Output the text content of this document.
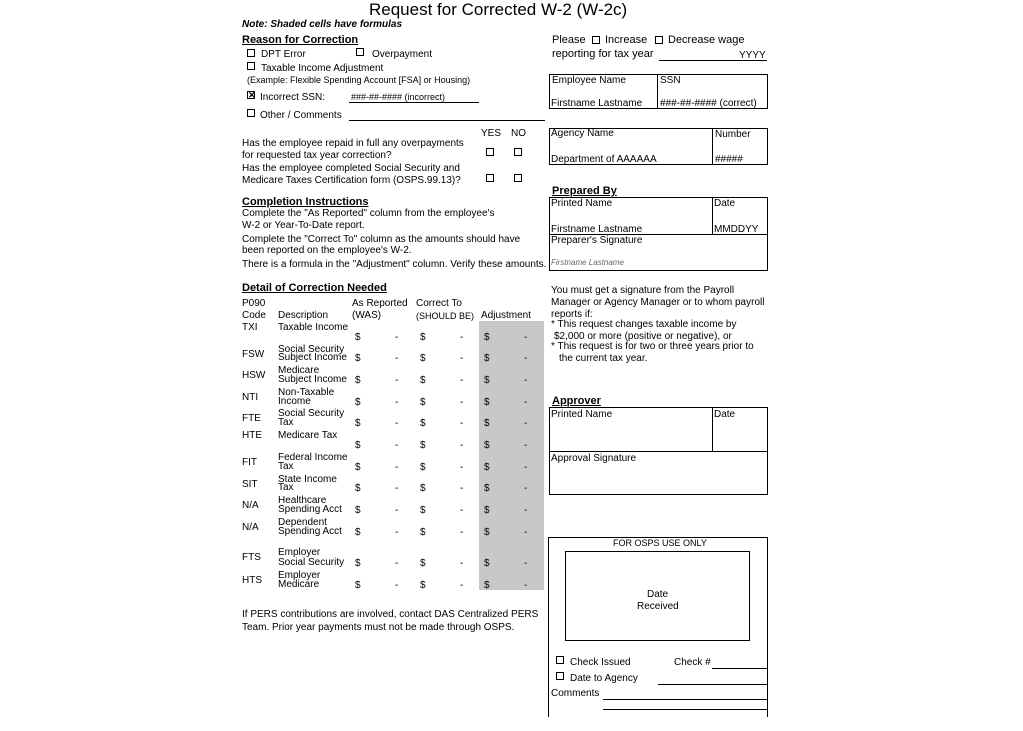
Request for Corrected W-2 (W-2c)
Note: Shaded cells have formulas
Reason for Correction
DPT Error	Overpayment
Taxable Income Adjustment
(Example: Flexible Spending Account [FSA] or Housing)
✕ Incorrect SSN:	###-##-#### (incorrect)
Other / Comments
YES NO
Has the employee repaid in full any overpayments
for requested tax year correction?
Has the employee completed Social Security and
Medicare Taxes Certification form (OSPS.99.13)?
Please Increase Decrease wage
reporting for tax year	YYYY
Employee Name	SSN
Firstname Lastname ###-##-#### (correct)
Agency Name	Number
Department of AAAAAA	#####
Prepared By
Printed Name	Date
Firstname Lastname	MMDDYY
Preparer's Signature
Firstname Lastname
Completion Instructions
Complete the "As Reported" column from the employee's
W-2 or Year-To-Date report.
Complete the "Correct To" column as the amounts should have
been reported on the employee's W-2.
There is a formula in the "Adjustment" column. Verify these amounts.
Detail of Correction Needed
P090
Code Description
As Reported
(WAS)
Correct To
(SHOULD BE) Adjustment
TXI Taxable Income
$	- $	- $	-
FSW Social Security
Subject Income $	- $	- $	-
HSW Medicare
Subject Income $	- $	- $	-
NTI Non-Taxable
Income	$	- $	- $	-
FTE Social Security
Tax	$	- $	- $	-
HTE Medicare Tax
$	- $	- $	-
FIT Federal Income
Tax	$	- $	- $	-
SIT State Income
Tax	$	- $	- $	-
N/A Healthcare
Spending Acct $	- $	- $	-
N/A Dependent
Spending Acct $	- $	- $	-
FTS Employer
Social Security $	- $	- $	-
HTS Employer
Medicare	$	- $	- $	-
If PERS contributions are involved, contact DAS Centralized PERS
Team. Prior year payments must not be made through OSPS.
You must get a signature from the Payroll
Manager or Agency Manager or to whom payroll
reports if:
* This request changes taxable income by
$2,000 or more (positive or negative), or
* This request is for two or three years prior to
the current tax year.
Approver
Printed Name	Date
Approval Signature
FOR OSPS USE ONLY
Date
Received
Check Issued	Check #
Date to Agency
Comments
